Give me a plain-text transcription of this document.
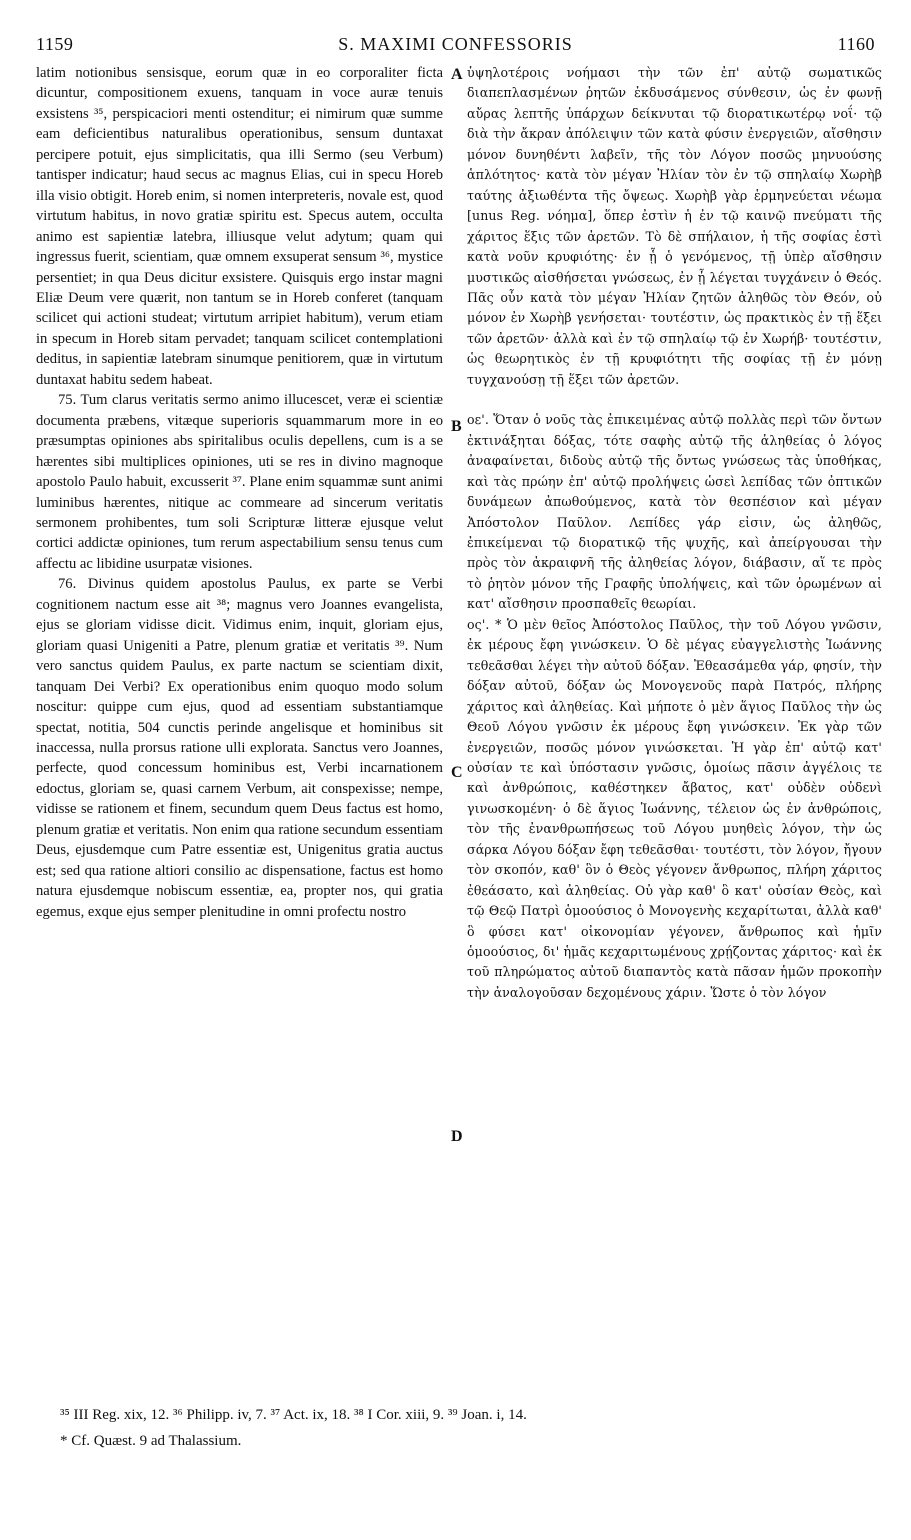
1159	S. MAXIMI CONFESSORIS	1160

latim notionibus sensisque, eorum quæ in eo corporaliter ficta dicuntur, compositionem exuens, tanquam in voce auræ tenuis exsistens ³⁵, perspicaciori menti ostenditur; ei nimirum quæ summe eam deficientibus naturalibus operationibus, sensum duntaxat percipere potuit, ejus simplicitatis, qua illi Sermo (seu Verbum) tantisper indicatur; haud secus ac magnus Elias, cui in specu Horeb illa visio obtigit. Horeb enim, si nomen interpreteris, novale est, quod virtutum habitus, in novo gratiæ spiritu est. Specus autem, occulta animo est sapientiæ latebra, illiusque velut adytum; quam qui ingressus fuerit, scientiam, quæ omnem exsuperat sensum ³⁶, mystice persentiet; in qua Deus dicitur exsistere. Quisquis ergo instar magni Eliæ Deum vere quærit, non tantum se in Horeb conferet (tanquam scilicet qui actioni studeat; virtutum arripiet habitum), verum etiam in specum in Horeb sitam pervadet; tanquam scilicet contemplationi deditus, in sapientiæ latebram sinumque penitiorem, quæ in virtutum duntaxat habitu sedem habeat.

75. Tum clarus veritatis sermo animo illucescet, veræ ei scientiæ documenta præbens, vitæque superioris squammarum more in eo præsumptas opiniones abs spiritalibus oculis depellens, cum is a se hærentes sibi multiplices opiniones, uti se res in divino magnoque apostolo Paulo habuit, excusserit ³⁷. Plane enim squammæ sunt animi luminibus hærentes, nitique ac commeare ad sincerum veritatis sermonem prohibentes, tum soli Scripturæ litteræ ejusque velut cortici addictæ opiniones, tum rerum aspectabilium sensu tenus cum affectu ac libidine usurpatæ visiones.

76. Divinus quidem apostolus Paulus, ex parte se Verbi cognitionem nactum esse ait ³⁸; magnus vero Joannes evangelista, ejus se gloriam vidisse dicit. Vidimus enim, inquit, gloriam ejus, gloriam quasi Unigeniti a Patre, plenum gratiæ et veritatis ³⁹. Num vero sanctus quidem Paulus, ex parte nactum se scientiam dixit, tanquam Dei Verbi? Ex operationibus enim quoquo modo solum noscitur: quippe cum ejus, quod ad essentiam substantiamque spectat, notitia, 504 cunctis perinde angelisque et hominibus sit inaccessa, nulla prorsus ratione ulli explorata. Sanctus vero Joannes, perfecte, quod concessum hominibus est, Verbi incarnationem edoctus, gloriam se, quasi carnem Verbum, ait conspexisse; nempe, vidisse se rationem et finem, secundum quem Deus factus est homo, plenum gratiæ et veritatis. Non enim qua ratione secundum essentiam Deus, ejusdemque cum Patre essentiæ est, Unigenitus gratia auctus est; sed qua ratione altiori consilio ac dispensatione, factus est homo natura ejusdemque nobiscum essentiæ, ea, propter nos, qui gratia egemus, exque ejus semper plenitudine in omni profectu nostro

A
B
C
D

ὑψηλοτέροις νοήμασι τὴν τῶν ἐπ' αὐτῷ σωματικῶς διαπεπλασμένων ῥητῶν ἐκδυσάμενος σύνθεσιν, ὡς ἐν φωνῇ αὔρας λεπτῆς ὑπάρχων δείκνυται τῷ διορατικωτέρῳ νοΐ· τῷ διὰ τὴν ἄκραν ἀπόλειψιν τῶν κατὰ φύσιν ἐνεργειῶν, αἴσθησιν μόνον δυνηθέντι λαβεῖν, τῆς τὸν Λόγον ποσῶς μηνυούσης ἁπλότητος· κατὰ τὸν μέγαν Ἠλίαν τὸν ἐν τῷ σπηλαίῳ Χωρὴβ ταύτης ἀξιωθέντα τῆς ὄψεως. Χωρὴβ γὰρ ἑρμηνεύεται νέωμα [unus Reg. νόημα], ὅπερ ἐστὶν ἡ ἐν τῷ καινῷ πνεύματι τῆς χάριτος ἕξις τῶν ἀρετῶν. Τὸ δὲ σπήλαιον, ἡ τῆς σοφίας ἐστὶ κατὰ νοῦν κρυφιότης· ἐν ᾗ ὁ γενόμενος, τῇ ὑπὲρ αἴσθησιν μυστικῶς αἰσθήσεται γνώσεως, ἐν ᾗ λέγεται τυγχάνειν ὁ Θεός. Πᾶς οὖν κατὰ τὸν μέγαν Ἠλίαν ζητῶν ἀληθῶς τὸν Θεόν, οὐ μόνον ἐν Χωρὴβ γενήσεται· τουτέστιν, ὡς πρακτικὸς ἐν τῇ ἕξει τῶν ἀρετῶν· ἀλλὰ καὶ ἐν τῷ σπηλαίῳ τῷ ἐν Χωρήβ· τουτέστιν, ὡς θεωρητικὸς ἐν τῇ κρυφιότητι τῆς σοφίας τῇ ἐν μόνῃ τυγχανούσῃ τῇ ἕξει τῶν ἀρετῶν.

οε'. Ὅταν ὁ νοῦς τὰς ἐπικειμένας αὐτῷ πολλὰς περὶ τῶν ὄντων ἐκτινάξηται δόξας, τότε σαφὴς αὐτῷ τῆς ἀληθείας ὁ λόγος ἀναφαίνεται, διδοὺς αὐτῷ τῆς ὄντως γνώσεως τὰς ὑποθήκας, καὶ τὰς πρώην ἐπ' αὐτῷ προλήψεις ὡσεὶ λεπίδας τῶν ὀπτικῶν δυνάμεων ἀπωθούμενος, κατὰ τὸν θεσπέσιον καὶ μέγαν Ἀπόστολον Παῦλον. Λεπίδες γάρ εἰσιν, ὡς ἀληθῶς, ἐπικείμεναι τῷ διορατικῷ τῆς ψυχῆς, καὶ ἀπείργουσαι τὴν πρὸς τὸν ἀκραιφνῆ τῆς ἀληθείας λόγον, διάβασιν, αἵ τε πρὸς τὸ ῥητὸν μόνον τῆς Γραφῆς ὑπολήψεις, καὶ τῶν ὁρωμένων αἱ κατ' αἴσθησιν προσπαθεῖς θεωρίαι.

ος'. * Ὁ μὲν θεῖος Ἀπόστολος Παῦλος, τὴν τοῦ Λόγου γνῶσιν, ἐκ μέρους ἔφη γινώσκειν. Ὁ δὲ μέγας εὐαγγελιστὴς Ἰωάννης τεθεᾶσθαι λέγει τὴν αὐτοῦ δόξαν. Ἐθεασάμεθα γάρ, φησίν, τὴν δόξαν αὐτοῦ, δόξαν ὡς Μονογενοῦς παρὰ Πατρός, πλήρης χάριτος καὶ ἀληθείας. Καὶ μήποτε ὁ μὲν ἅγιος Παῦλος τὴν ὡς Θεοῦ Λόγου γνῶσιν ἐκ μέρους ἔφη γινώσκειν. Ἐκ γὰρ τῶν ἐνεργειῶν, ποσῶς μόνον γινώσκεται. Ἡ γὰρ ἐπ' αὐτῷ κατ' οὐσίαν τε καὶ ὑπόστασιν γνῶσις, ὁμοίως πᾶσιν ἀγγέλοις τε καὶ ἀνθρώποις, καθέστηκεν ἄβατος, κατ' οὐδὲν οὐδενὶ γινωσκομένη· ὁ δὲ ἅγιος Ἰωάννης, τέλειον ὡς ἐν ἀνθρώποις, τὸν τῆς ἐνανθρωπήσεως τοῦ Λόγου μυηθεὶς λόγον, τὴν ὡς σάρκα Λόγου δόξαν ἔφη τεθεᾶσθαι· τουτέστι, τὸν λόγον, ἤγουν τὸν σκοπόν, καθ' ὃν ὁ Θεὸς γέγονεν ἄνθρωπος, πλήρη χάριτος ἐθεάσατο, καὶ ἀληθείας. Οὐ γὰρ καθ' ὃ κατ' οὐσίαν Θεὸς, καὶ τῷ Θεῷ Πατρὶ ὁμοούσιος ὁ Μονογενὴς κεχαρίτωται, ἀλλὰ καθ' ὃ φύσει κατ' οἰκονομίαν γέγονεν, ἄνθρωπος καὶ ἡμῖν ὁμοούσιος, δι' ἡμᾶς κεχαριτωμένους χρῄζοντας χάριτος· καὶ ἐκ τοῦ πληρώματος αὐτοῦ διαπαντὸς κατὰ πᾶσαν ἡμῶν προκοπὴν τὴν ἀναλογοῦσαν δεχομένους χάριν. Ὥστε ὁ τὸν λόγον

³⁵ III Reg. xix, 12. ³⁶ Philipp. iv, 7. ³⁷ Act. ix, 18. ³⁸ I Cor. xiii, 9. ³⁹ Joan. i, 14.

* Cf. Quæst. 9 ad Thalassium.
